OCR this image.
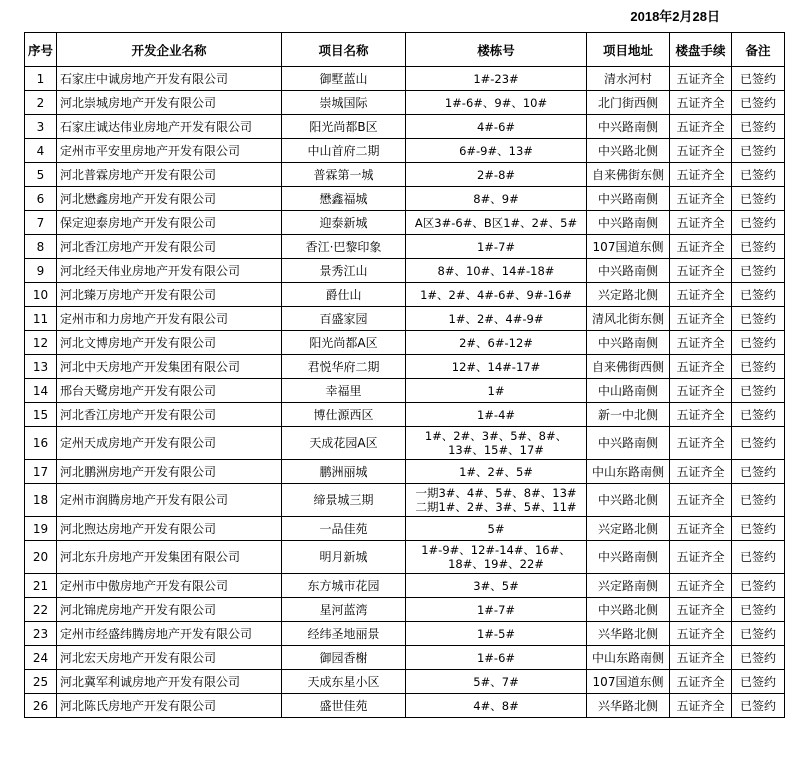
2018年2月28日
序号	开发企业名称	项目名称	楼栋号	项目地址	楼盘手续	备注
1	石家庄中诚房地产开发有限公司	御墅蓝山	1#-23#	清水河村	五证齐全	已签约
2	河北崇城房地产开发有限公司	崇城国际	1#-6#、9#、10#	北门街西侧	五证齐全	已签约
3	石家庄诚达伟业房地产开发有限公司	阳光尚都B区	4#-6#	中兴路南侧	五证齐全	已签约
4	定州市平安里房地产开发有限公司	中山首府二期	6#-9#、13#	中兴路北侧	五证齐全	已签约
5	河北普霖房地产开发有限公司	普霖第一城	2#-8#	自来佛街东侧	五证齐全	已签约
6	河北懋鑫房地产开发有限公司	懋鑫福城	8#、9#	中兴路南侧	五证齐全	已签约
7	保定迎泰房地产开发有限公司	迎泰新城	A区3#-6#、B区1#、2#、5#	中兴路南侧	五证齐全	已签约
8	河北香江房地产开发有限公司	香江·巴黎印象	1#-7#	107国道东侧	五证齐全	已签约
9	河北经天伟业房地产开发有限公司	景秀江山	8#、10#、14#-18#	中兴路南侧	五证齐全	已签约
10	河北臻万房地产开发有限公司	爵仕山	1#、2#、4#-6#、9#-16#	兴定路北侧	五证齐全	已签约
11	定州市和力房地产开发有限公司	百盛家园	1#、2#、4#-9#	清风北街东侧	五证齐全	已签约
12	河北文博房地产开发有限公司	阳光尚都A区	2#、6#-12#	中兴路南侧	五证齐全	已签约
13	河北中天房地产开发集团有限公司	君悦华府二期	12#、14#-17#	自来佛街西侧	五证齐全	已签约
14	邢台天鹭房地产开发有限公司	幸福里	1#	中山路南侧	五证齐全	已签约
15	河北香江房地产开发有限公司	博仕源西区	1#-4#	新一中北侧	五证齐全	已签约
16	定州天成房地产开发有限公司	天成花园A区	1#、2#、3#、5#、8#、
13#、15#、17#	中兴路南侧	五证齐全	已签约
17	河北鹏洲房地产开发有限公司	鹏洲丽城	1#、2#、5#	中山东路南侧	五证齐全	已签约
18	定州市润腾房地产开发有限公司	缔景城三期	一期3#、4#、5#、8#、13#
二期1#、2#、3#、5#、11#	中兴路北侧	五证齐全	已签约
19	河北煦达房地产开发有限公司	一品佳苑	5#	兴定路北侧	五证齐全	已签约
20	河北东升房地产开发集团有限公司	明月新城	1#-9#、12#-14#、16#、
18#、19#、22#	中兴路南侧	五证齐全	已签约
21	定州市中傲房地产开发有限公司	东方城市花园	3#、5#	兴定路南侧	五证齐全	已签约
22	河北锦虎房地产开发有限公司	星河蓝湾	1#-7#	中兴路北侧	五证齐全	已签约
23	定州市经盛纬腾房地产开发有限公司	经纬圣地丽景	1#-5#	兴华路北侧	五证齐全	已签约
24	河北宏天房地产开发有限公司	御园香榭	1#-6#	中山东路南侧	五证齐全	已签约
25	河北冀军利诚房地产开发有限公司	天成东星小区	5#、7#	107国道东侧	五证齐全	已签约
26	河北陈氏房地产开发有限公司	盛世佳苑	4#、8#	兴华路北侧	五证齐全	已签约
